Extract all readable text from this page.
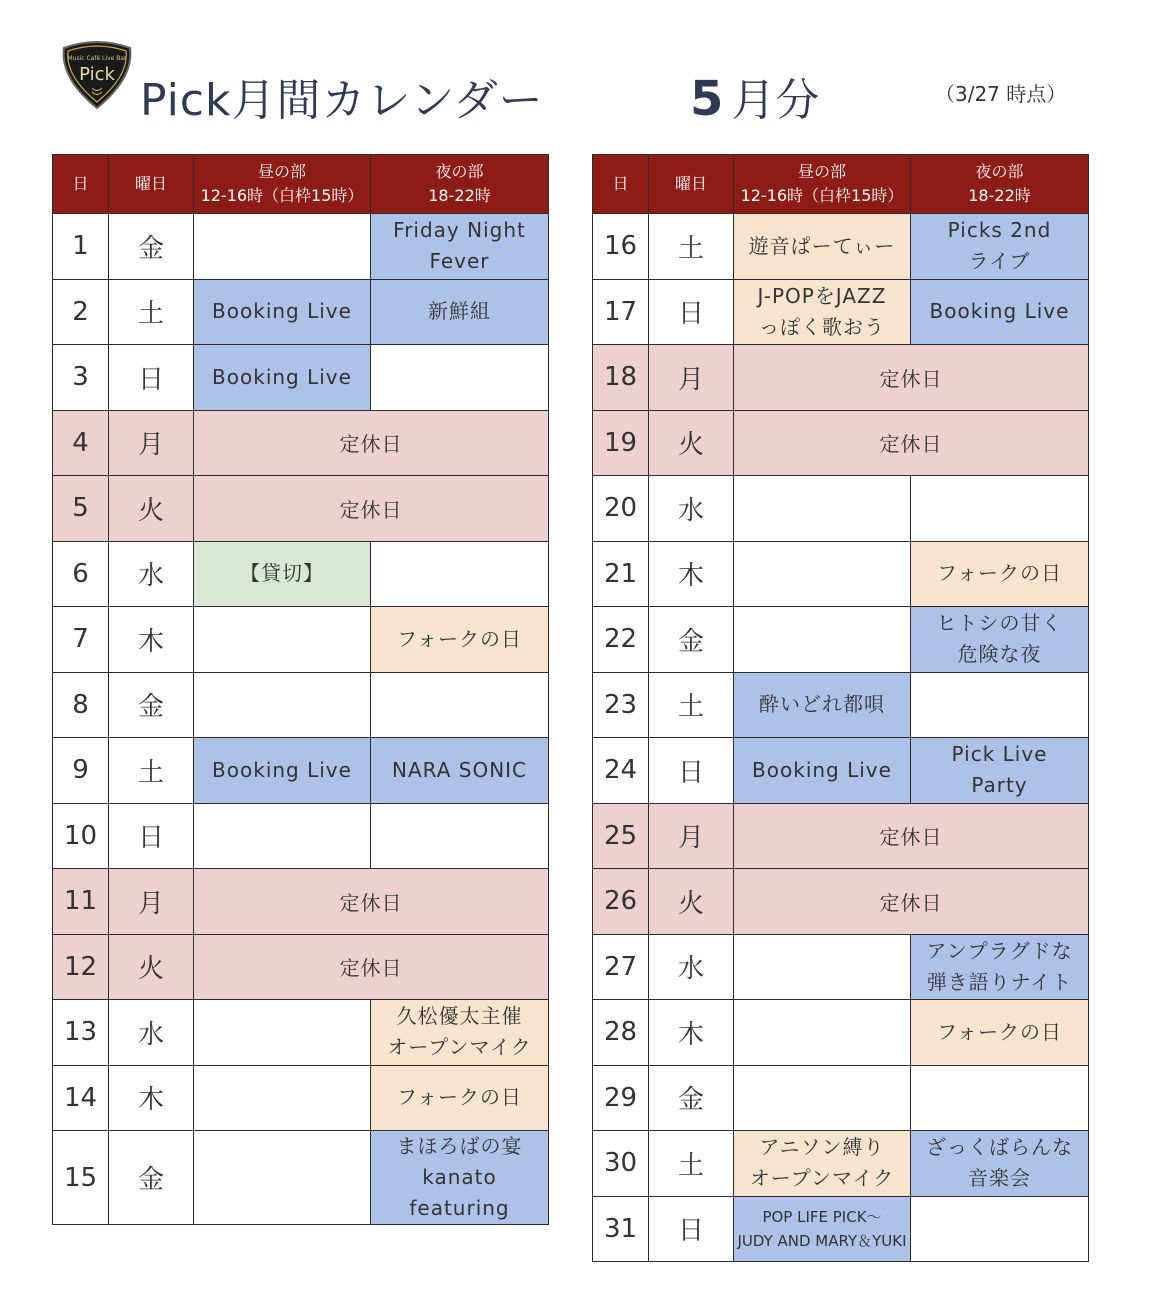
Music Café Live Bar
Pick
Pick月間カレンダー	5 月分	（3/27 時点）
日	曜日	昼の部
12-16時（白枠15時）	夜の部
18-22時
1	金		Friday Night
Fever
2	土	Booking Live	新鮮組
3	日	Booking Live	
4	月	定休日	
5	火	定休日	
6	水	【貸切】	
7	木		フォークの日
8	金		
9	土	Booking Live	NARA SONIC
10	日		
11	月	定休日	
12	火	定休日	
13	水		久松優太主催
オープンマイク
14	木		フォークの日
15	金		まほろばの宴
kanato featuring
日	曜日	昼の部
12-16時（白枠15時）	夜の部
18-22時
16	土	遊音ぱーてぃー	Picks 2nd
ライブ
17	日	J-POPをJAZZ
っぽく歌おう	Booking Live
18	月	定休日	
19	火	定休日	
20	水		
21	木		フォークの日
22	金		ヒトシの甘く
危険な夜
23	土	酔いどれ都唄	
24	日	Booking Live	Pick Live
Party
25	月	定休日	
26	火	定休日	
27	水		アンプラグドな
弾き語りナイト
28	木		フォークの日
29	金		
30	土	アニソン縛り
オープンマイク	ざっくばらんな
音楽会
31	日	POP LIFE PICK～
JUDY AND MARY＆YUKI	
